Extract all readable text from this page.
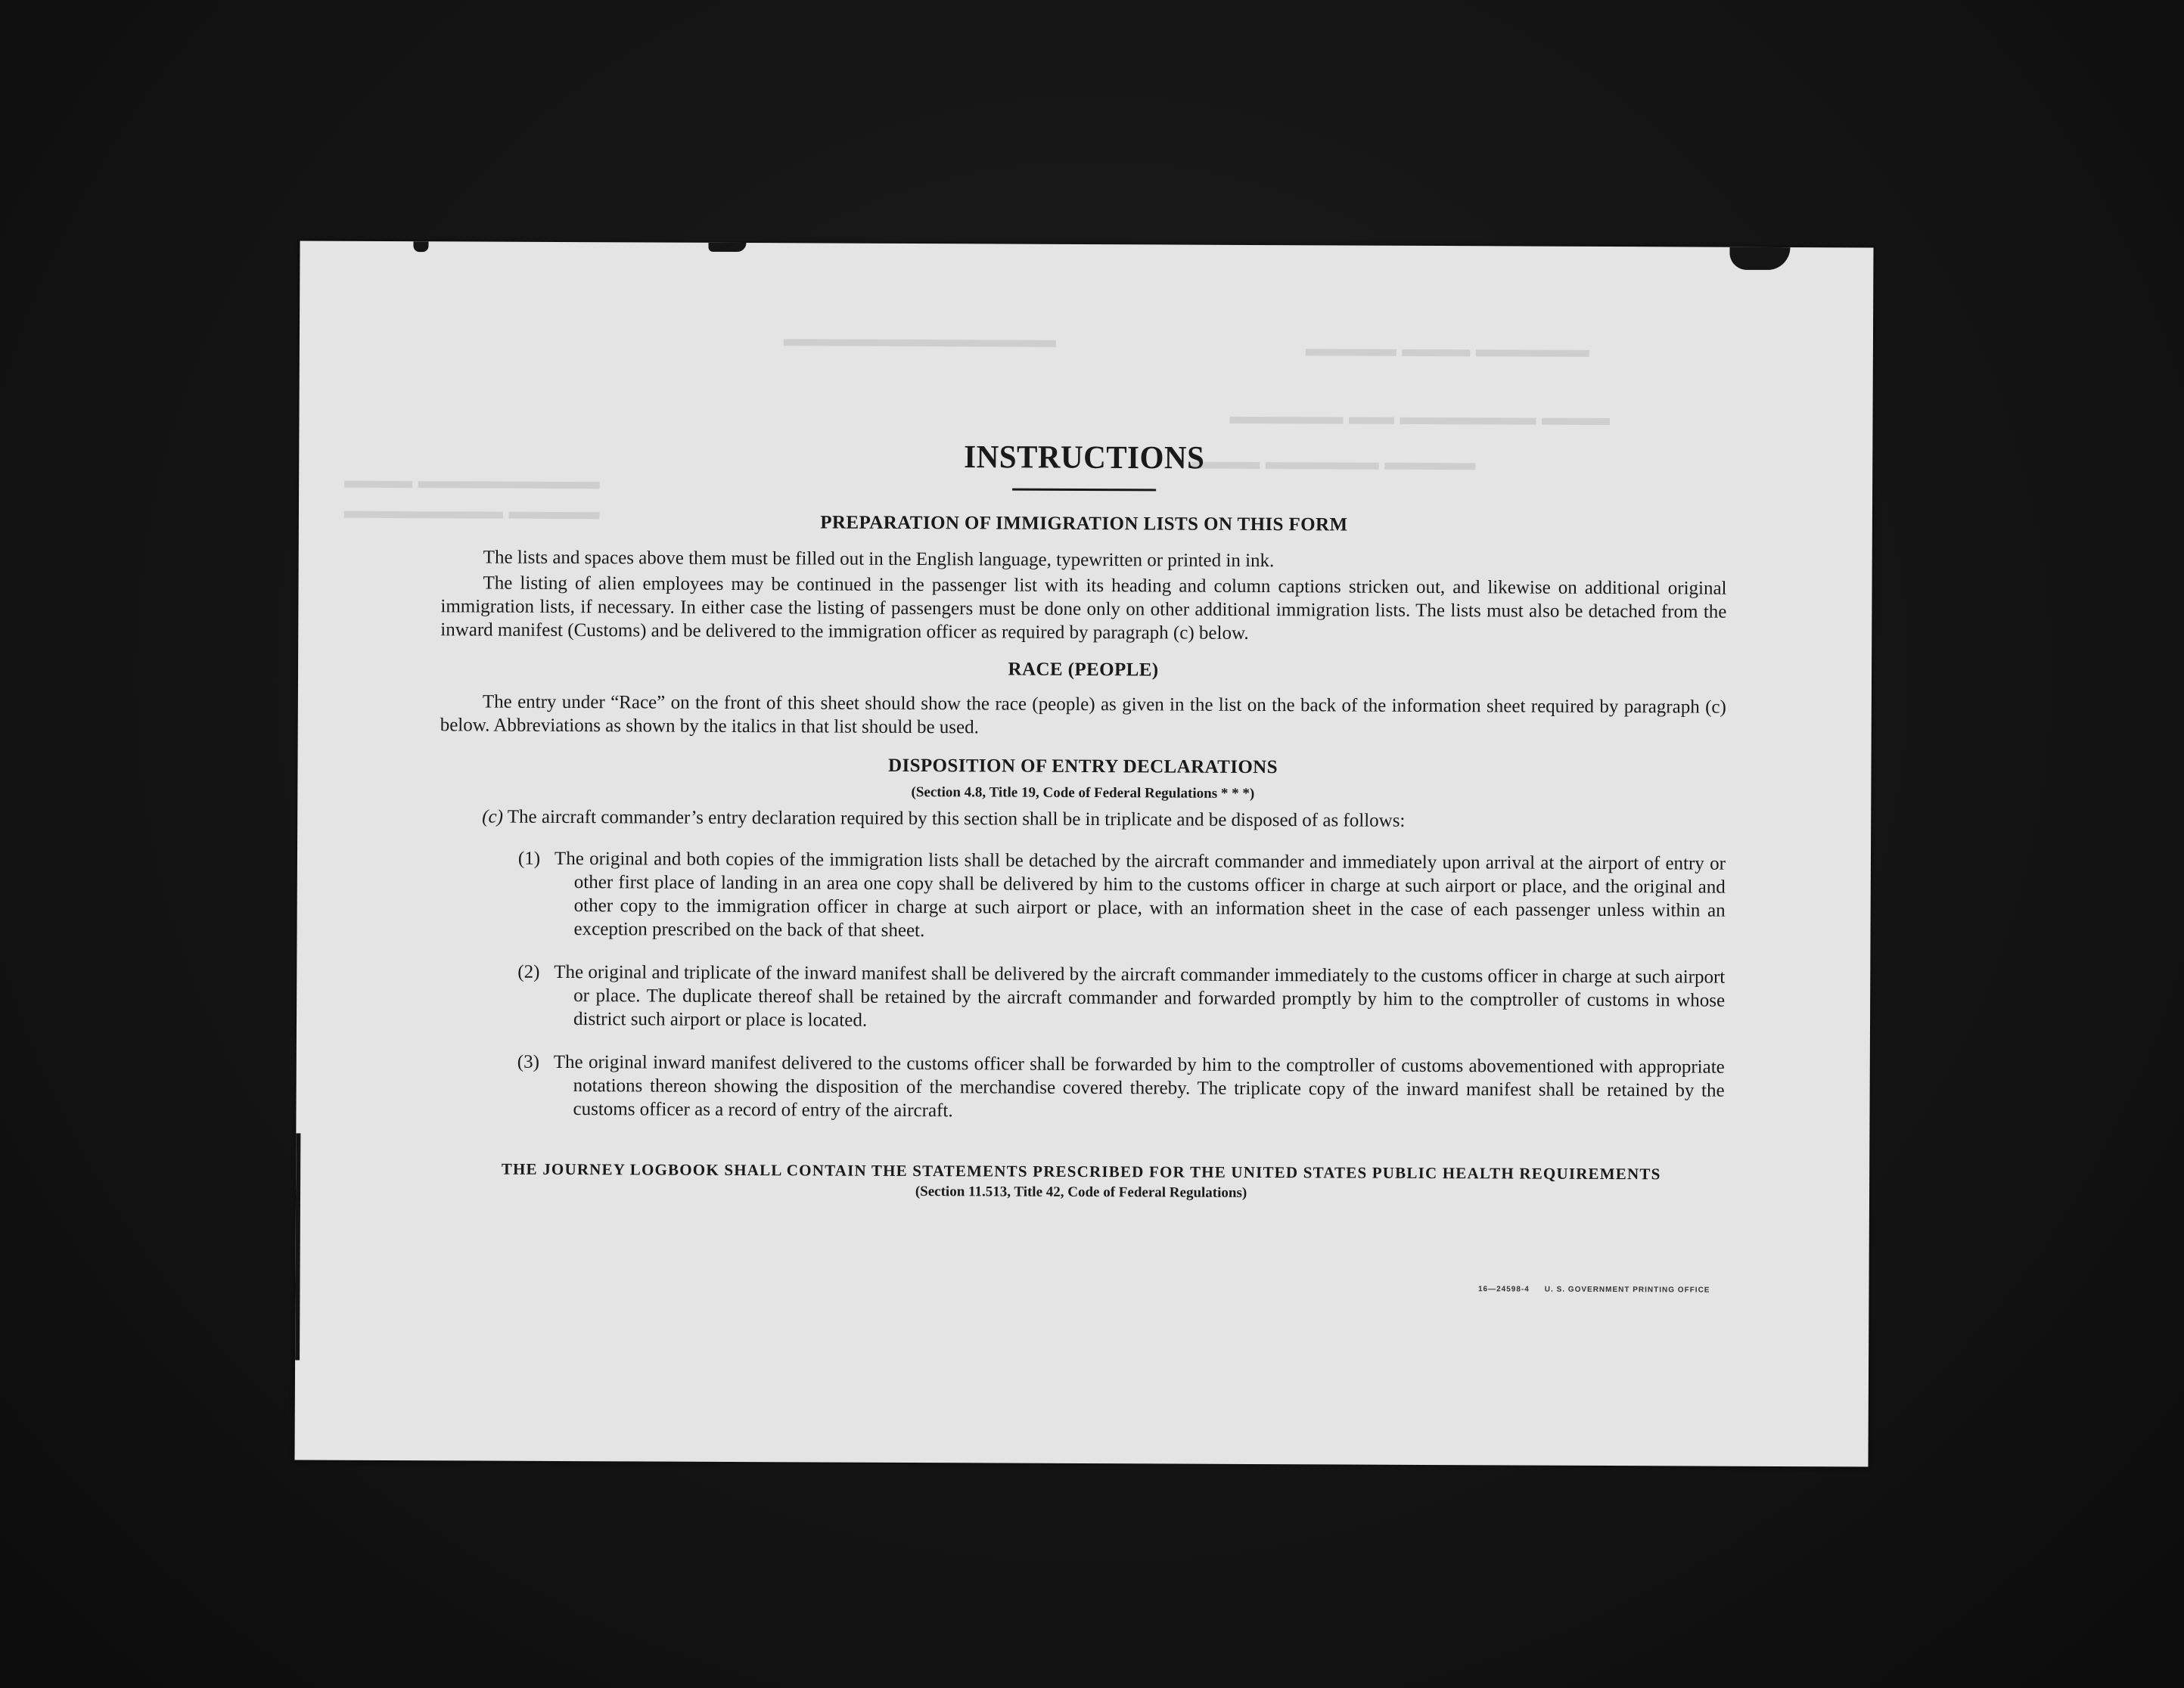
▬▬▬▬▬ ▬▬▬ ▬▬▬▬
▬▬▬ ▬▬▬▬▬▬ ▬▬ ▬▬▬▬▬
▬▬▬▬ ▬▬▬▬▬ ▬▬▬
▬▬▬▬▬▬▬▬ ▬▬▬
▬▬▬▬ ▬▬▬▬▬▬▬
▬▬▬▬▬▬▬▬▬▬▬▬
INSTRUCTIONS
PREPARATION OF IMMIGRATION LISTS ON THIS FORM

The lists and spaces above them must be filled out in the English language, typewritten or printed in ink.

The listing of alien employees may be continued in the passenger list with its heading and column captions stricken out, and likewise on additional original immigration lists, if necessary. In either case the listing of passengers must be done only on other additional immigration lists. The lists must also be detached from the inward manifest (Customs) and be delivered to the immigration officer as required by paragraph (c) below.

RACE (PEOPLE)

The entry under “Race” on the front of this sheet should show the race (people) as given in the list on the back of the information sheet required by paragraph (c) below. Abbreviations as shown by the italics in that list should be used.

DISPOSITION OF ENTRY DECLARATIONS
(Section 4.8, Title 19, Code of Federal Regulations * * *)
(c) The aircraft commander’s entry declaration required by this section shall be in triplicate and be disposed of as follows:
(1) The original and both copies of the immigration lists shall be detached by the aircraft commander and immediately upon arrival at the airport of entry or other first place of landing in an area one copy shall be delivered by him to the customs officer in charge at such airport or place, and the original and other copy to the immigration officer in charge at such airport or place, with an information sheet in the case of each passenger unless within an exception prescribed on the back of that sheet.
(2) The original and triplicate of the inward manifest shall be delivered by the aircraft commander immediately to the customs officer in charge at such airport or place. The duplicate thereof shall be retained by the aircraft commander and forwarded promptly by him to the comptroller of customs in whose district such airport or place is located.
(3) The original inward manifest delivered to the customs officer shall be forwarded by him to the comptroller of customs abovementioned with appropriate notations thereon showing the disposition of the merchandise covered thereby. The triplicate copy of the inward manifest shall be retained by the customs officer as a record of entry of the aircraft.
THE JOURNEY LOGBOOK SHALL CONTAIN THE STATEMENTS PRESCRIBED FOR THE UNITED STATES PUBLIC HEALTH REQUIREMENTS
(Section 11.513, Title 42, Code of Federal Regulations)
16—24598-4 U. S. GOVERNMENT PRINTING OFFICE
